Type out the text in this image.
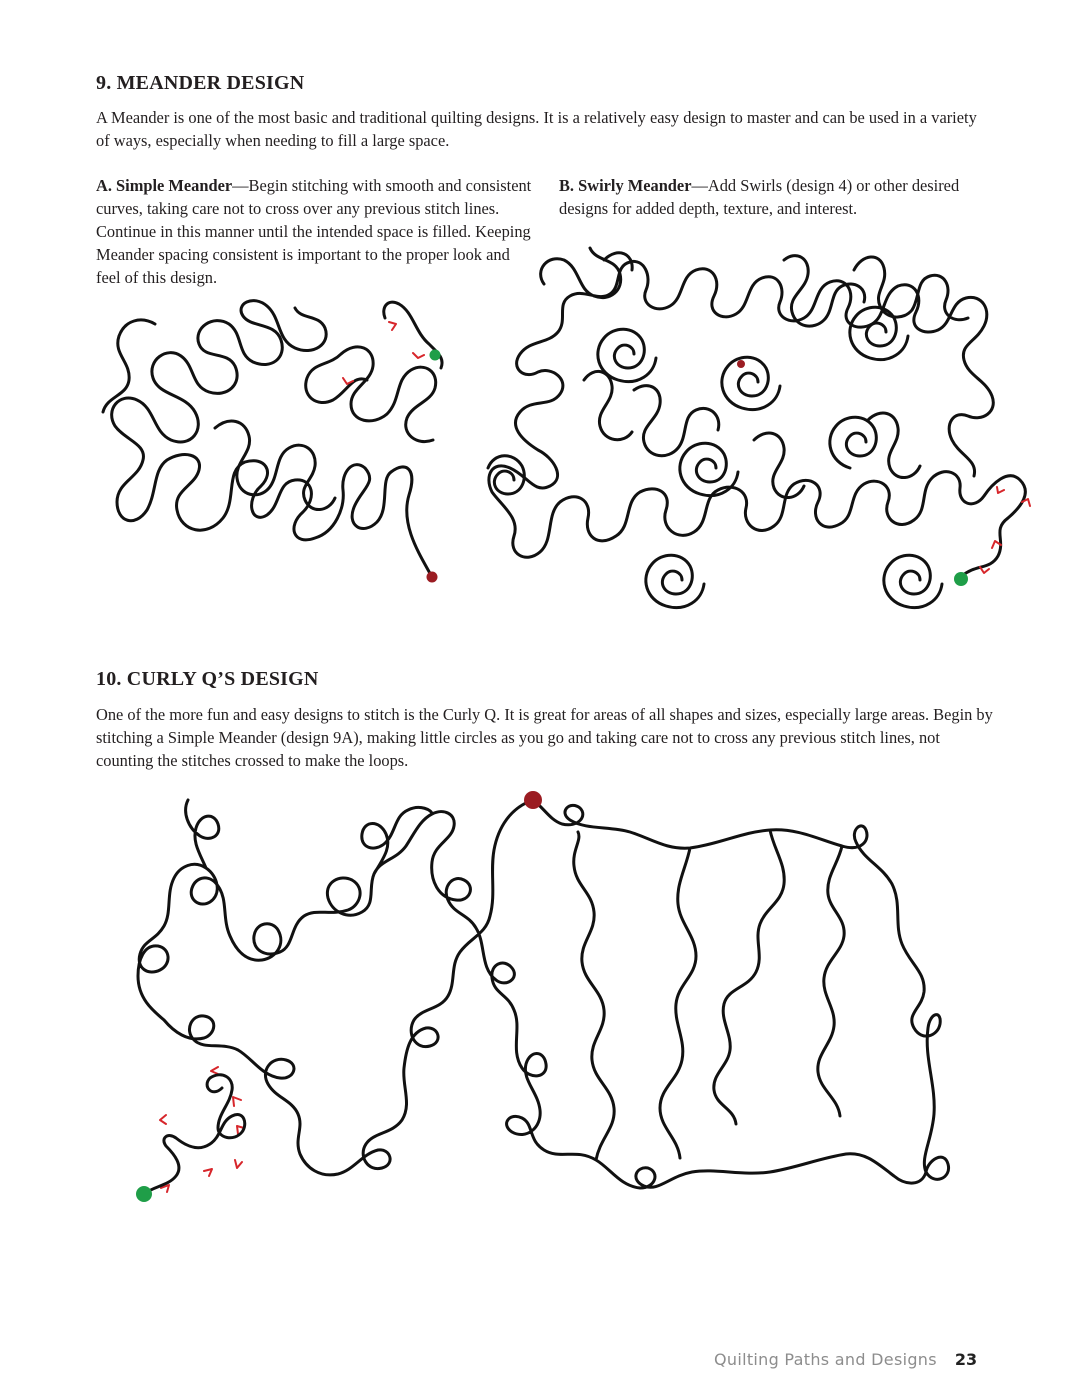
9. MEANDER DESIGN

A Meander is one of the most basic and traditional quilting designs. It is a relatively easy design to master and can be used in a variety of ways, especially when needing to fill a large space.

A. Simple Meander—Begin stitching with smooth and consistent curves, taking care not to cross over any previous stitch lines. Continue in this manner until the intended space is filled. Keeping Meander spacing consistent is important to the proper look and feel of this design.

B. Swirly Meander—Add Swirls (design 4) or other desired designs for added depth, texture, and interest.

10. CURLY Q’S DESIGN

One of the more fun and easy designs to stitch is the Curly Q. It is great for areas of all shapes and sizes, especially large areas. Begin by stitching a Simple Meander (design 9A), making little circles as you go and taking care not to cross any previous stitch lines, not counting the stitches crossed to make the loops.

Quilting Paths and Designs 23
